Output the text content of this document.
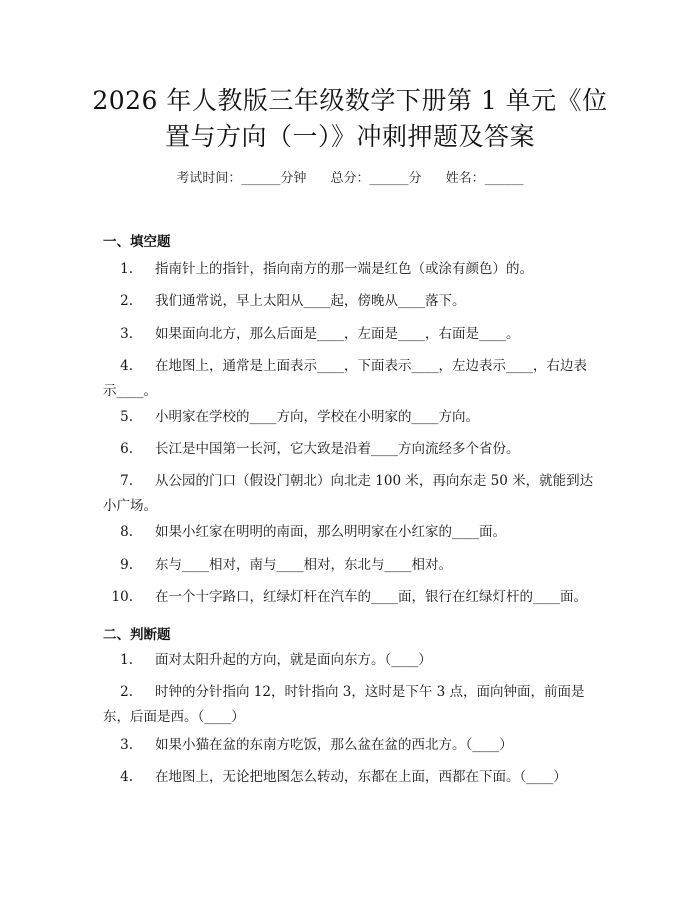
2026 年人教版三年级数学下册第 1 单元《位
置与方向（一）》冲刺押题及答案
考试时间：______分钟 总分：______分 姓名：______
一、填空题
1. 指南针上的指针，指向南方的那一端是红色（或涂有颜色）的。
2. 我们通常说，早上太阳从____起，傍晚从____落下。
3. 如果面向北方，那么后面是____，左面是____，右面是____。
4. 在地图上，通常是上面表示____，下面表示____，左边表示____，右边表示____。
5. 小明家在学校的____方向，学校在小明家的____方向。
6. 长江是中国第一长河，它大致是沿着____方向流经多个省份。
7. 从公园的门口（假设门朝北）向北走 100 米，再向东走 50 米，就能到达小广场。
8. 如果小红家在明明的南面，那么明明家在小红家的____面。
9. 东与____相对，南与____相对，东北与____相对。
10. 在一个十字路口，红绿灯杆在汽车的____面，银行在红绿灯杆的____面。
二、判断题
1. 面对太阳升起的方向，就是面向东方。（____）
2. 时钟的分针指向 12，时针指向 3，这时是下午 3 点，面向钟面，前面是东，后面是西。（____）
3. 如果小猫在盆的东南方吃饭，那么盆在盆的西北方。（____）
4. 在地图上，无论把地图怎么转动，东都在上面，西都在下面。（____）
